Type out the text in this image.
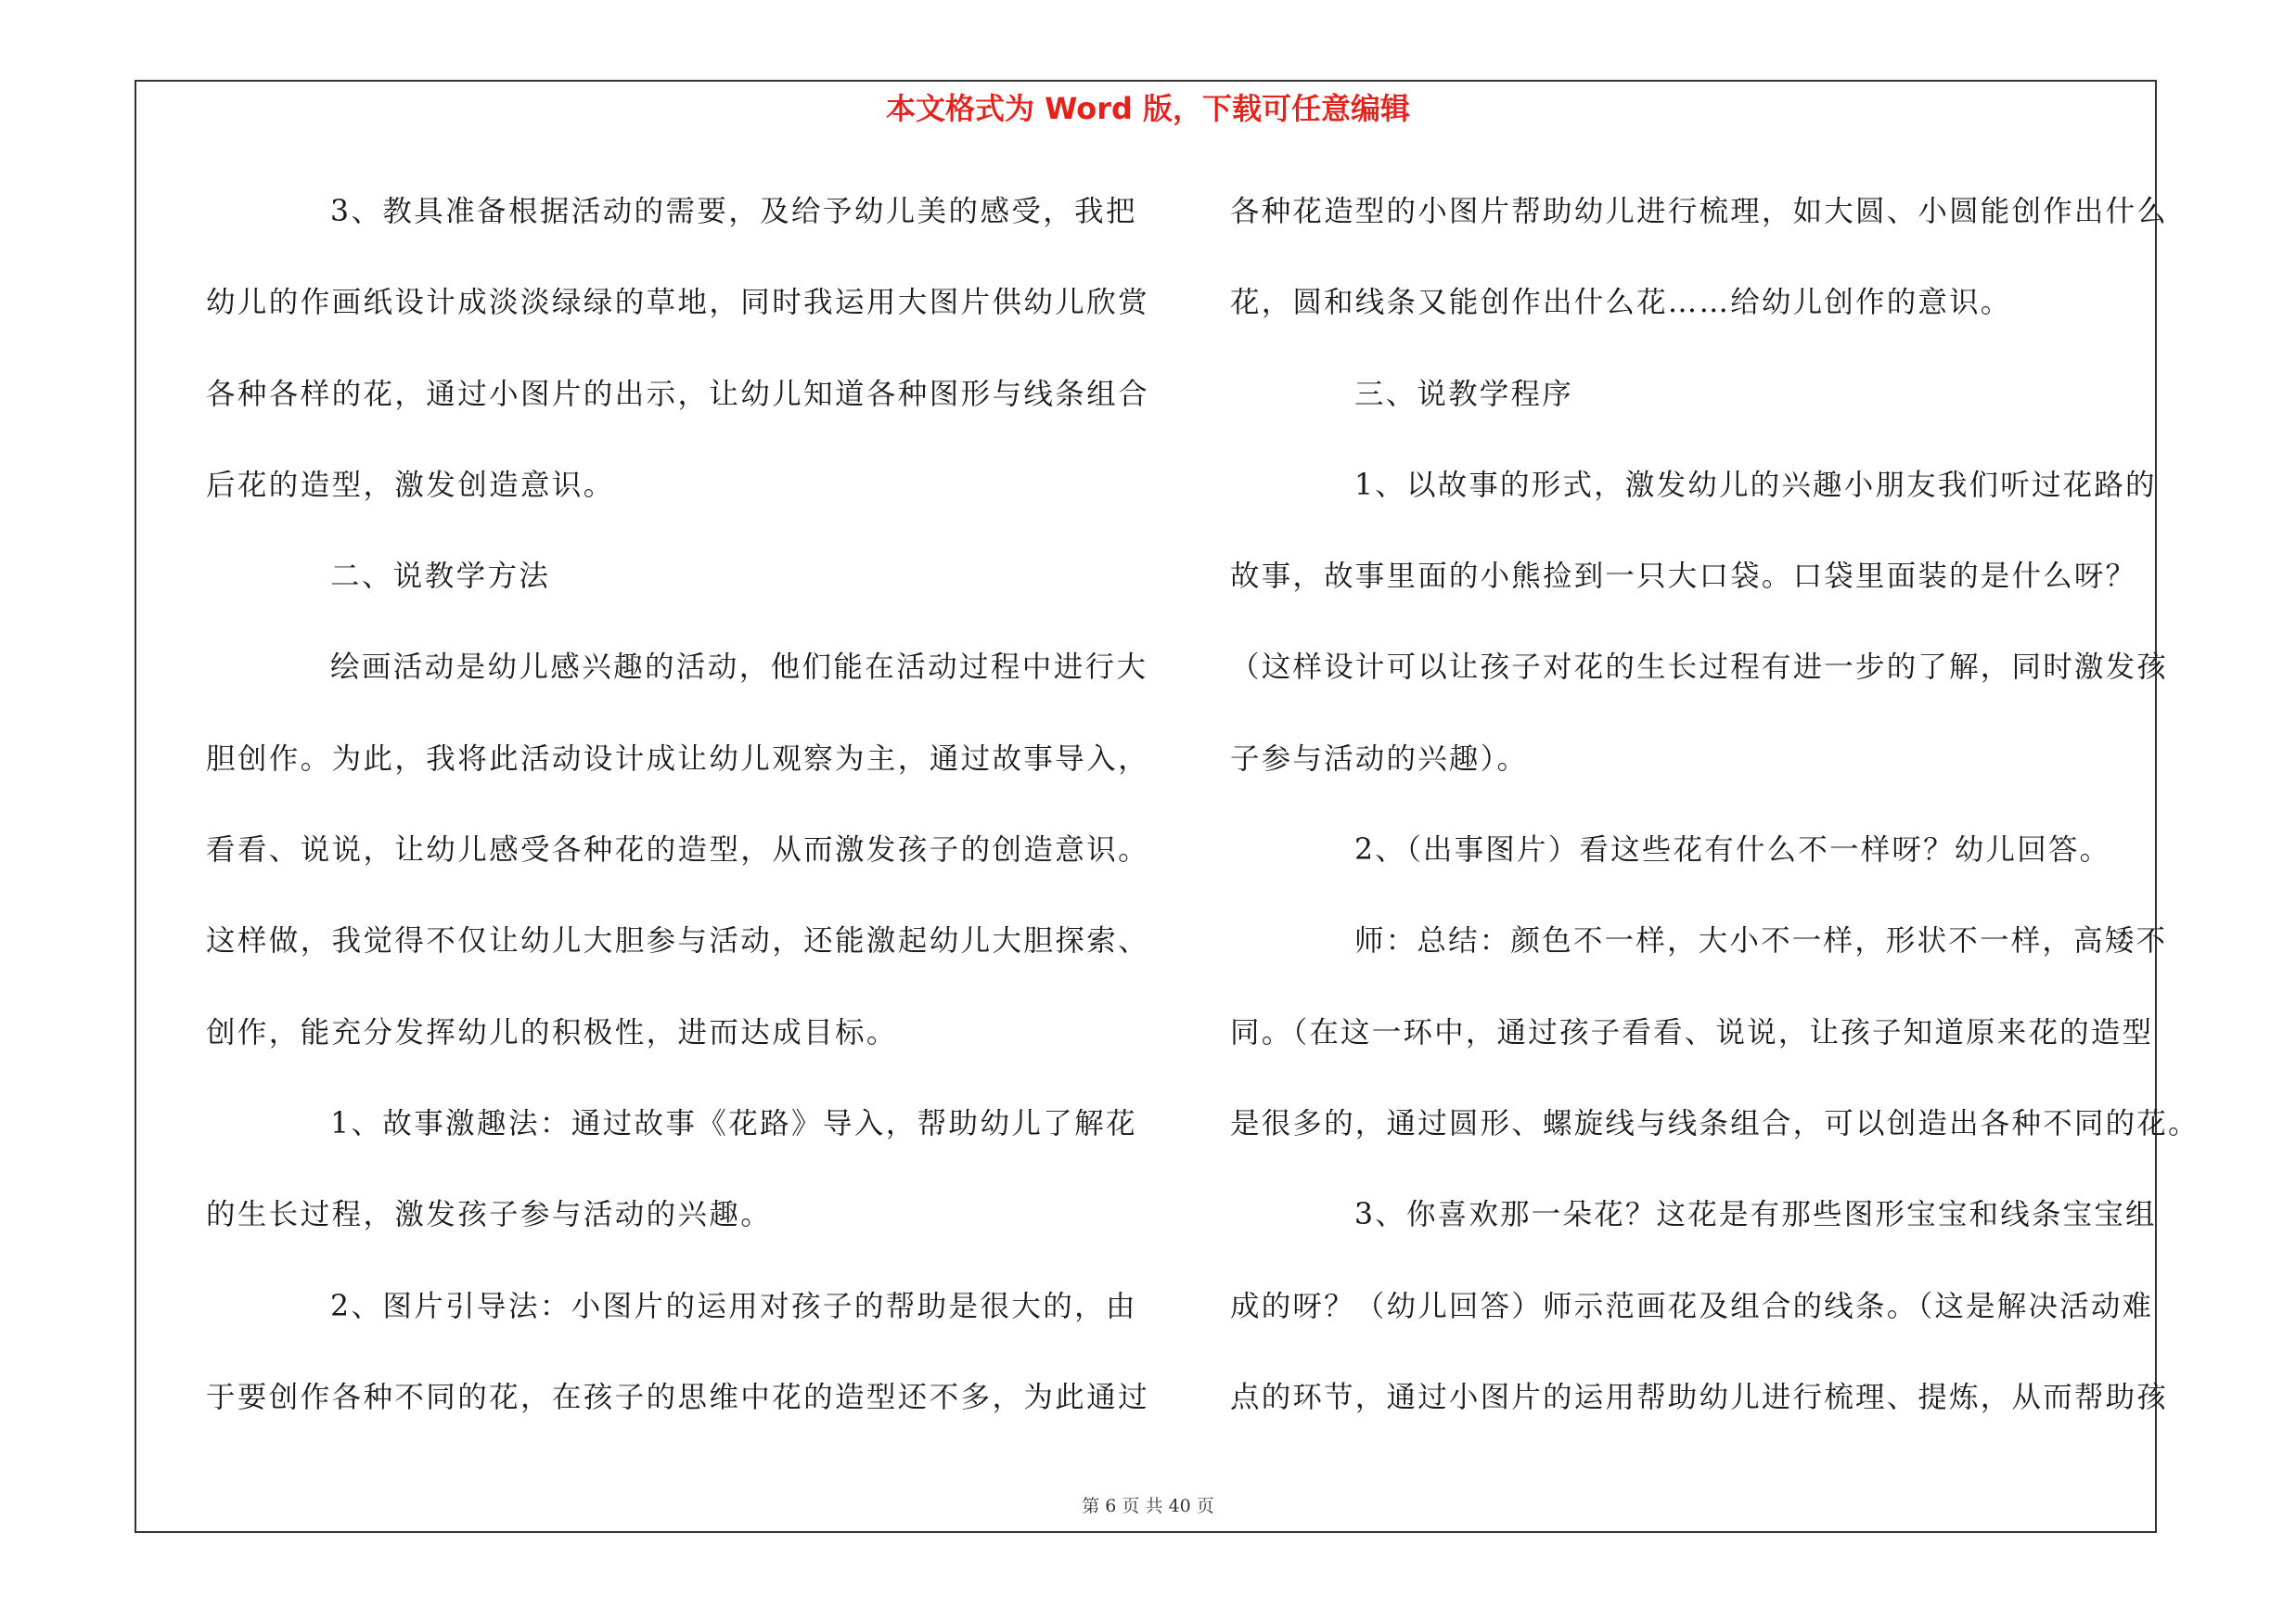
本文格式为 Word 版，下载可任意编辑
3、教具准备根据活动的需要，及给予幼儿美的感受，我把
幼儿的作画纸设计成淡淡绿绿的草地，同时我运用大图片供幼儿欣赏
各种各样的花，通过小图片的出示，让幼儿知道各种图形与线条组合
后花的造型，激发创造意识。
二、说教学方法
绘画活动是幼儿感兴趣的活动，他们能在活动过程中进行大
胆创作。为此，我将此活动设计成让幼儿观察为主，通过故事导入，
看看、说说，让幼儿感受各种花的造型，从而激发孩子的创造意识。
这样做，我觉得不仅让幼儿大胆参与活动，还能激起幼儿大胆探索、
创作，能充分发挥幼儿的积极性，进而达成目标。
1、故事激趣法：通过故事《花路》导入，帮助幼儿了解花
的生长过程，激发孩子参与活动的兴趣。
2、图片引导法：小图片的运用对孩子的帮助是很大的，由
于要创作各种不同的花，在孩子的思维中花的造型还不多，为此通过
各种花造型的小图片帮助幼儿进行梳理，如大圆、小圆能创作出什么
花，圆和线条又能创作出什么花……给幼儿创作的意识。
三、说教学程序
1、以故事的形式，激发幼儿的兴趣小朋友我们听过花路的
故事，故事里面的小熊捡到一只大口袋。口袋里面装的是什么呀？
（这样设计可以让孩子对花的生长过程有进一步的了解，同时激发孩
子参与活动的兴趣）。
2、（出事图片）看这些花有什么不一样呀？幼儿回答。
师：总结：颜色不一样，大小不一样，形状不一样，高矮不
同。（在这一环中，通过孩子看看、说说，让孩子知道原来花的造型
是很多的，通过圆形、螺旋线与线条组合，可以创造出各种不同的花。
3、你喜欢那一朵花？这花是有那些图形宝宝和线条宝宝组
成的呀？（幼儿回答）师示范画花及组合的线条。（这是解决活动难
点的环节，通过小图片的运用帮助幼儿进行梳理、提炼，从而帮助孩
第 6 页 共 40 页
